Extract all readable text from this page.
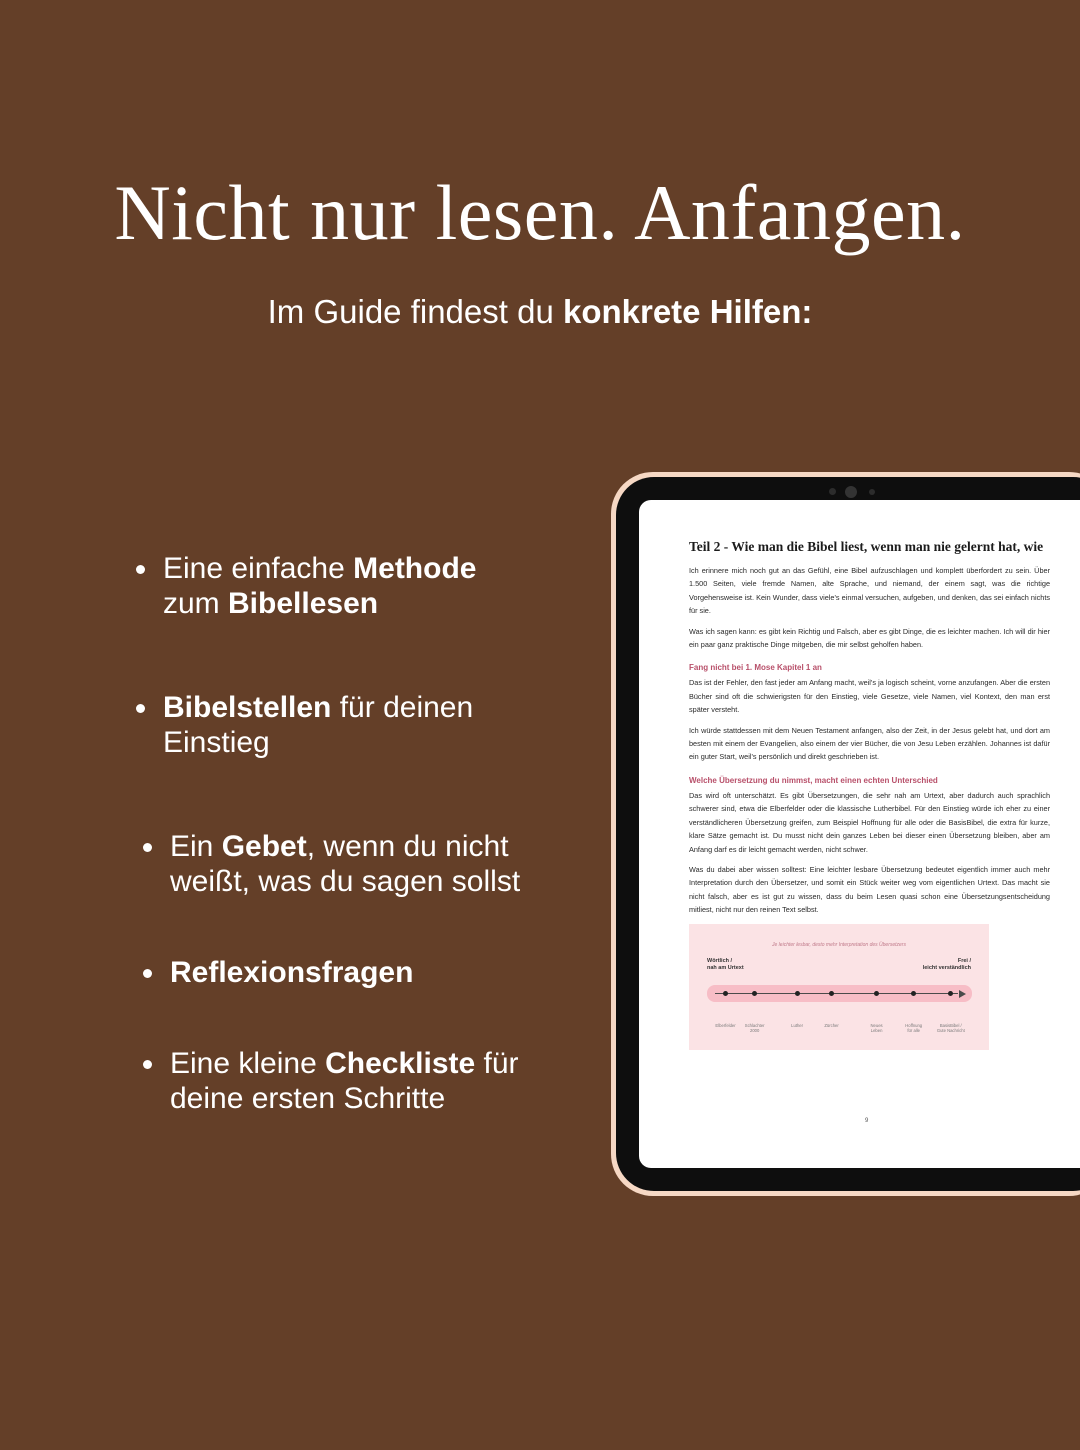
Nicht nur lesen. Anfangen.

Im Guide findest du konkrete Hilfen:

Eine einfache Methode
zum Bibellesen
Bibelstellen für deinen
Einstieg
Ein Gebet, wenn du nicht
weißt, was du sagen sollst
Reflexionsfragen
Eine kleine Checkliste für
deine ersten Schritte
Teil 2 - Wie man die Bibel liest, wenn man nie gelernt hat, wie

Ich erinnere mich noch gut an das Gefühl, eine Bibel aufzuschlagen und komplett überfordert zu sein. Über 1.500 Seiten, viele fremde Namen, alte Sprache, und niemand, der einem sagt, was die richtige Vorgehensweise ist. Kein Wunder, dass viele's einmal versuchen, aufgeben, und denken, das sei einfach nichts für sie.

Was ich sagen kann: es gibt kein Richtig und Falsch, aber es gibt Dinge, die es leichter machen. Ich will dir hier ein paar ganz praktische Dinge mitgeben, die mir selbst geholfen haben.

Fang nicht bei 1. Mose Kapitel 1 an

Das ist der Fehler, den fast jeder am Anfang macht, weil's ja logisch scheint, vorne anzufangen. Aber die ersten Bücher sind oft die schwierigsten für den Einstieg, viele Gesetze, viele Namen, viel Kontext, den man erst später versteht.

Ich würde stattdessen mit dem Neuen Testament anfangen, also der Zeit, in der Jesus gelebt hat, und dort am besten mit einem der Evangelien, also einem der vier Bücher, die von Jesu Leben erzählen. Johannes ist dafür ein guter Start, weil's persönlich und direkt geschrieben ist.

Welche Übersetzung du nimmst, macht einen echten Unterschied

Das wird oft unterschätzt. Es gibt Übersetzungen, die sehr nah am Urtext, aber dadurch auch sprachlich schwerer sind, etwa die Elberfelder oder die klassische Lutherbibel. Für den Einstieg würde ich eher zu einer verständlicheren Übersetzung greifen, zum Beispiel Hoffnung für alle oder die BasisBibel, die extra für kurze, klare Sätze gemacht ist. Du musst nicht dein ganzes Leben bei dieser einen Übersetzung bleiben, aber am Anfang darf es dir leicht gemacht werden, nicht schwer.

Was du dabei aber wissen solltest: Eine leichter lesbare Übersetzung bedeutet eigentlich immer auch mehr Interpretation durch den Übersetzer, und somit ein Stück weiter weg vom eigentlichen Urtext. Das macht sie nicht falsch, aber es ist gut zu wissen, dass du beim Lesen quasi schon eine Übersetzungsentscheidung mitliest, nicht nur den reinen Text selbst.

Je leichter lesbar, desto mehr Interpretation des Übersetzers
Wörtlich /
nah am Urtext
Frei /
leicht verständlich
Elberfelder	Schlachter
2000
Luther	Zürcher	Neues
Leben
Hoffnung
für alle
BasisBibel /
Gute Nachricht
9
